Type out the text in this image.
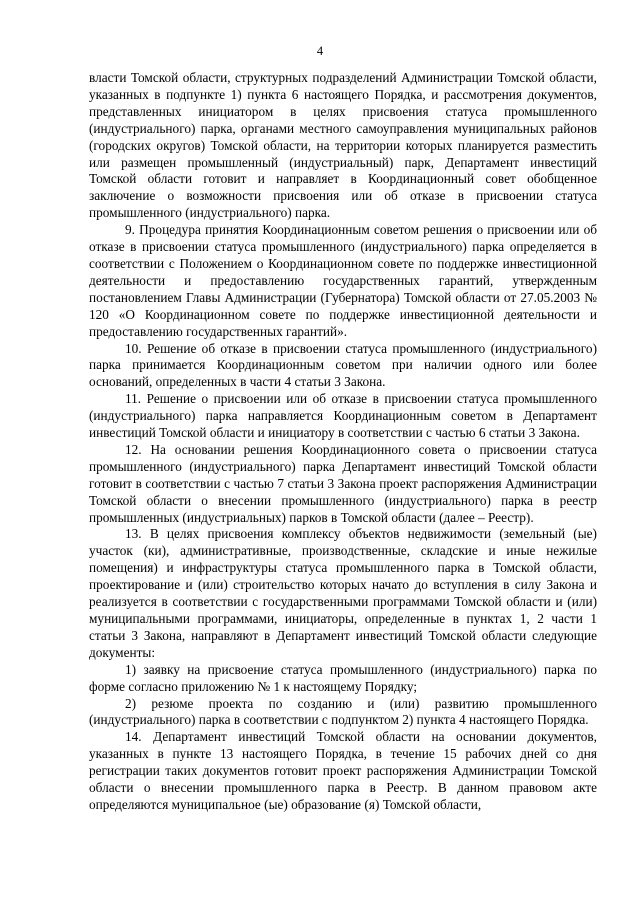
4

власти Томской области, структурных подразделений Администрации Томской области, указанных в подпункте 1) пункта 6 настоящего Порядка, и рассмотрения документов, представленных инициатором в целях присвоения статуса промышленного (индустриального) парка, органами местного самоуправления муниципальных районов (городских округов) Томской области, на территории которых планируется разместить или размещен промышленный (индустриальный) парк, Департамент инвестиций Томской области готовит и направляет в Координационный совет обобщенное заключение о возможности присвоения или об отказе в присвоении статуса промышленного (индустриального) парка.

9. Процедура принятия Координационным советом решения о присвоении или об отказе в присвоении статуса промышленного (индустриального) парка определяется в соответствии с Положением о Координационном совете по поддержке инвестиционной деятельности и предоставлению государственных гарантий, утвержденным постановлением Главы Администрации (Губернатора) Томской области от 27.05.2003 № 120 «О Координационном совете по поддержке инвестиционной деятельности и предоставлению государственных гарантий».

10. Решение об отказе в присвоении статуса промышленного (индустриального) парка принимается Координационным советом при наличии одного или более оснований, определенных в части 4 статьи 3 Закона.

11. Решение о присвоении или об отказе в присвоении статуса промышленного (индустриального) парка направляется Координационным советом в Департамент инвестиций Томской области и инициатору в соответствии с частью 6 статьи 3 Закона.

12. На основании решения Координационного совета о присвоении статуса промышленного (индустриального) парка Департамент инвестиций Томской области готовит в соответствии с частью 7 статьи 3 Закона проект распоряжения Администрации Томской области о внесении промышленного (индустриального) парка в реестр промышленных (индустриальных) парков в Томской области (далее – Реестр).

13. В целях присвоения комплексу объектов недвижимости (земельный (ые) участок (ки), административные, производственные, складские и иные нежилые помещения) и инфраструктуры статуса промышленного парка в Томской области, проектирование и (или) строительство которых начато до вступления в силу Закона и реализуется в соответствии с государственными программами Томской области и (или) муниципальными программами, инициаторы, определенные в пунктах 1, 2 части 1 статьи 3 Закона, направляют в Департамент инвестиций Томской области следующие документы:

1) заявку на присвоение статуса промышленного (индустриального) парка по форме согласно приложению № 1 к настоящему Порядку;

2) резюме проекта по созданию и (или) развитию промышленного (индустриального) парка в соответствии с подпунктом 2) пункта 4 настоящего Порядка.

14. Департамент инвестиций Томской области на основании документов, указанных в пункте 13 настоящего Порядка, в течение 15 рабочих дней со дня регистрации таких документов готовит проект распоряжения Администрации Томской области о внесении промышленного парка в Реестр. В данном правовом акте определяются муниципальное (ые) образование (я) Томской области,
